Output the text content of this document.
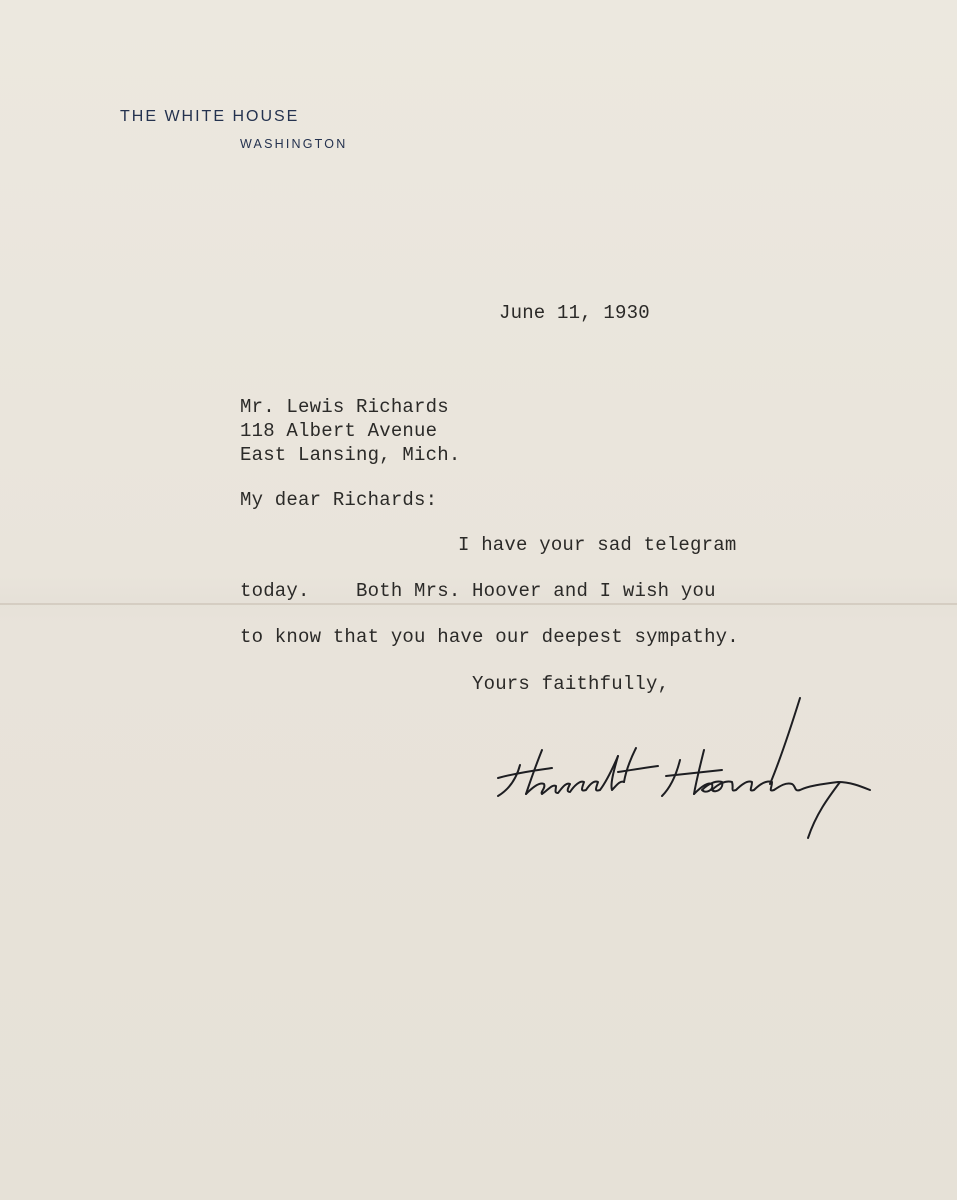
THE WHITE HOUSE
WASHINGTON
June 11, 1930
Mr. Lewis Richards
118 Albert Avenue
East Lansing, Mich.
My dear Richards:
I have your sad telegram
today.    Both Mrs. Hoover and I wish you
to know that you have our deepest sympathy.
Yours faithfully,
